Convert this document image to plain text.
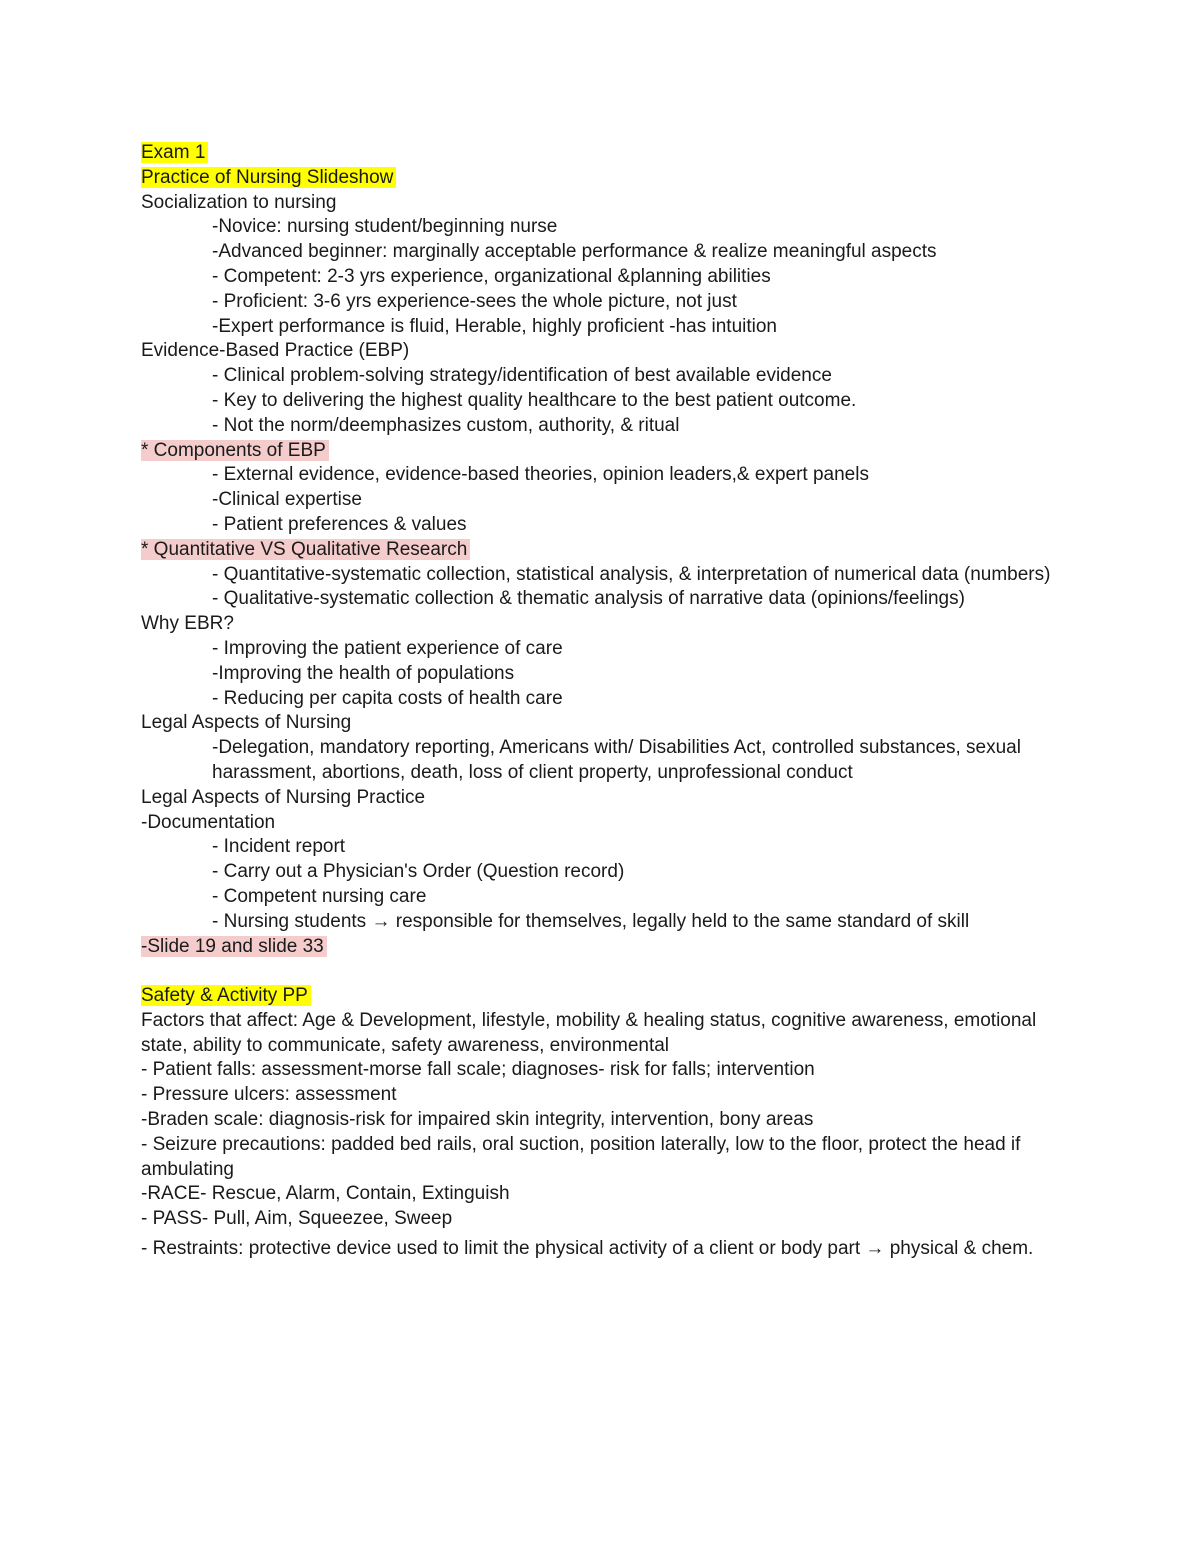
Exam 1
Practice of Nursing Slideshow
Socialization to nursing
-Novice: nursing student/beginning nurse
-Advanced beginner: marginally acceptable performance & realize meaningful aspects
- Competent: 2-3 yrs experience, organizational &planning abilities
- Proficient: 3-6 yrs experience-sees the whole picture, not just
-Expert performance is fluid, Herable, highly proficient -has intuition
Evidence-Based Practice (EBP)
- Clinical problem-solving strategy/identification of best available evidence
- Key to delivering the highest quality healthcare to the best patient outcome.
- Not the norm/deemphasizes custom, authority, & ritual
* Components of EBP
- External evidence, evidence-based theories, opinion leaders,& expert panels
-Clinical expertise
- Patient preferences & values
* Quantitative VS Qualitative Research
- Quantitative-systematic collection, statistical analysis, & interpretation of numerical data (numbers)
- Qualitative-systematic collection & thematic analysis of narrative data (opinions/feelings)
Why EBR?
- Improving the patient experience of care
-Improving the health of populations
- Reducing per capita costs of health care
Legal Aspects of Nursing
-Delegation, mandatory reporting, Americans with/ Disabilities Act, controlled substances, sexual harassment, abortions, death, loss of client property, unprofessional conduct
Legal Aspects of Nursing Practice
-Documentation
- Incident report
- Carry out a Physician's Order (Question record)
- Competent nursing care
- Nursing students → responsible for themselves, legally held to the same standard of skill
-Slide 19 and slide 33
Safety & Activity PP
Factors that affect: Age & Development, lifestyle, mobility & healing status, cognitive awareness, emotional state, ability to communicate, safety awareness, environmental
- Patient falls: assessment-morse fall scale; diagnoses- risk for falls; intervention
- Pressure ulcers: assessment
-Braden scale: diagnosis-risk for impaired skin integrity, intervention, bony areas
- Seizure precautions: padded bed rails, oral suction, position laterally, low to the floor, protect the head if ambulating
-RACE- Rescue, Alarm, Contain, Extinguish
- PASS- Pull, Aim, Squeezee, Sweep
- Restraints: protective device used to limit the physical activity of a client or body part → physical & chem.
